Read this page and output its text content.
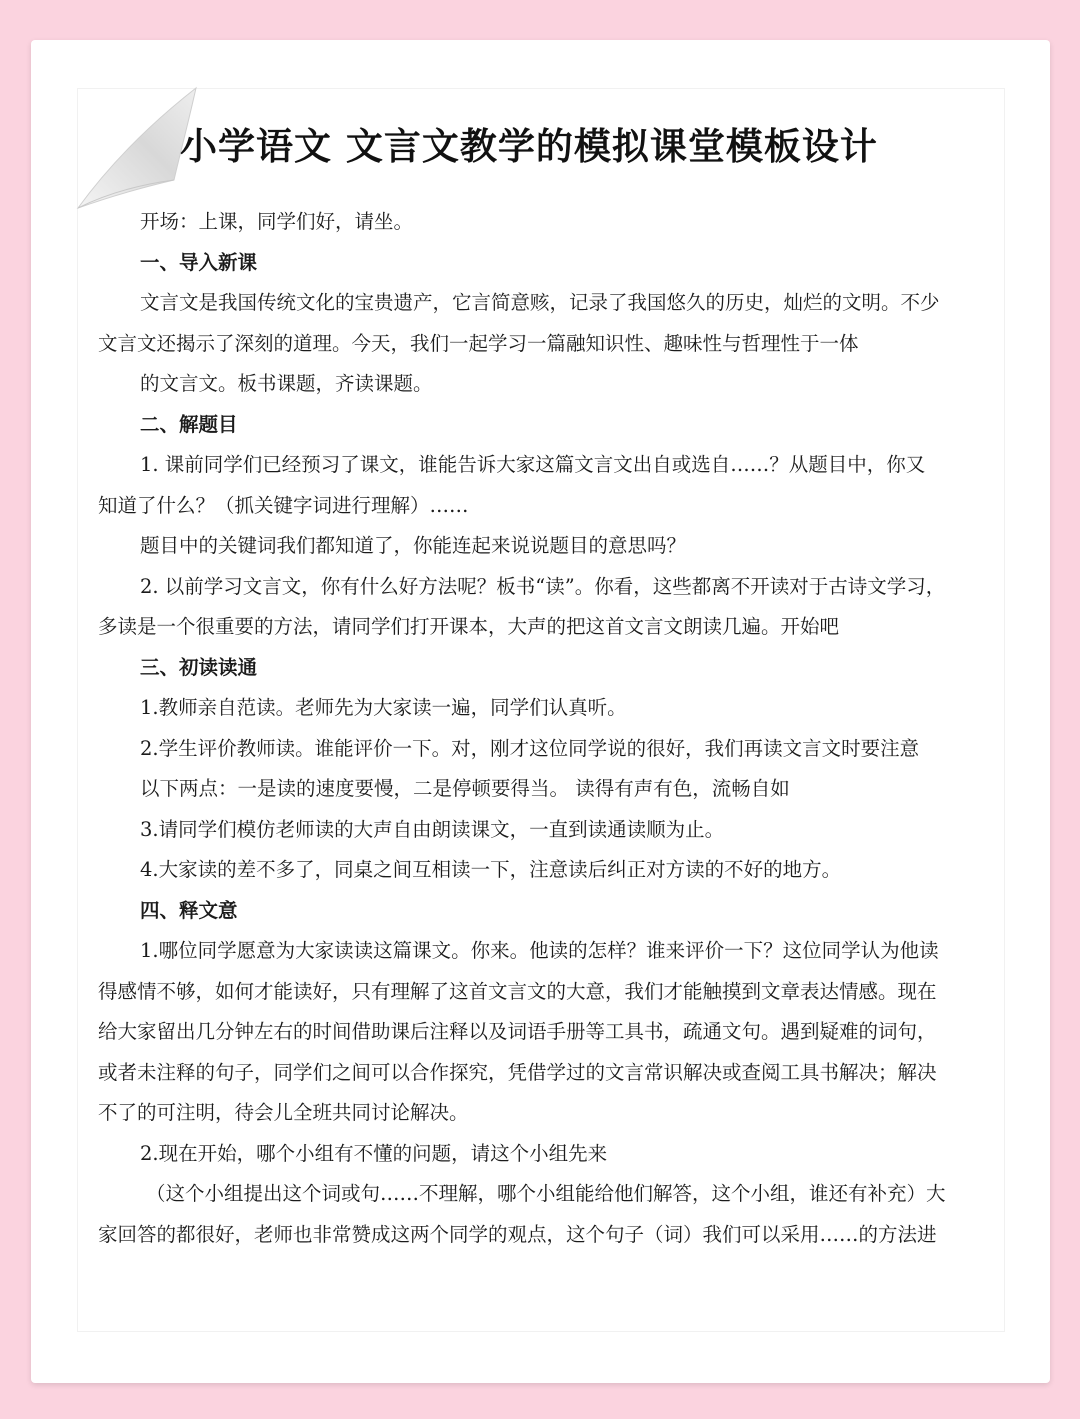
小学语文 文言文教学的模拟课堂模板设计
开场：上课，同学们好，请坐。
一、导入新课
文言文是我国传统文化的宝贵遗产，它言简意赅，记录了我国悠久的历史，灿烂的文明。不少
文言文还揭示了深刻的道理。今天，我们一起学习一篇融知识性、趣味性与哲理性于一体
的文言文。板书课题，齐读课题。
二、解题目
1. 课前同学们已经预习了课文，谁能告诉大家这篇文言文出自或选自……？从题目中，你又
知道了什么？（抓关键字词进行理解）……
题目中的关键词我们都知道了，你能连起来说说题目的意思吗？
2. 以前学习文言文，你有什么好方法呢？板书“读”。你看，这些都离不开读对于古诗文学习，
多读是一个很重要的方法，请同学们打开课本，大声的把这首文言文朗读几遍。开始吧
三、初读读通
1.教师亲自范读。老师先为大家读一遍，同学们认真听。
2.学生评价教师读。谁能评价一下。对，刚才这位同学说的很好，我们再读文言文时要注意
以下两点：一是读的速度要慢，二是停顿要得当。 读得有声有色，流畅自如
3.请同学们模仿老师读的大声自由朗读课文，一直到读通读顺为止。
4.大家读的差不多了，同桌之间互相读一下，注意读后纠正对方读的不好的地方。
四、释文意
1.哪位同学愿意为大家读读这篇课文。你来。他读的怎样？谁来评价一下？这位同学认为他读
得感情不够，如何才能读好，只有理解了这首文言文的大意，我们才能触摸到文章表达情感。现在
给大家留出几分钟左右的时间借助课后注释以及词语手册等工具书，疏通文句。遇到疑难的词句，
或者未注释的句子，同学们之间可以合作探究，凭借学过的文言常识解决或查阅工具书解决；解决
不了的可注明，待会儿全班共同讨论解决。
2.现在开始，哪个小组有不懂的问题，请这个小组先来
（这个小组提出这个词或句……不理解，哪个小组能给他们解答，这个小组，谁还有补充）大
家回答的都很好，老师也非常赞成这两个同学的观点，这个句子（词）我们可以采用……的方法进
